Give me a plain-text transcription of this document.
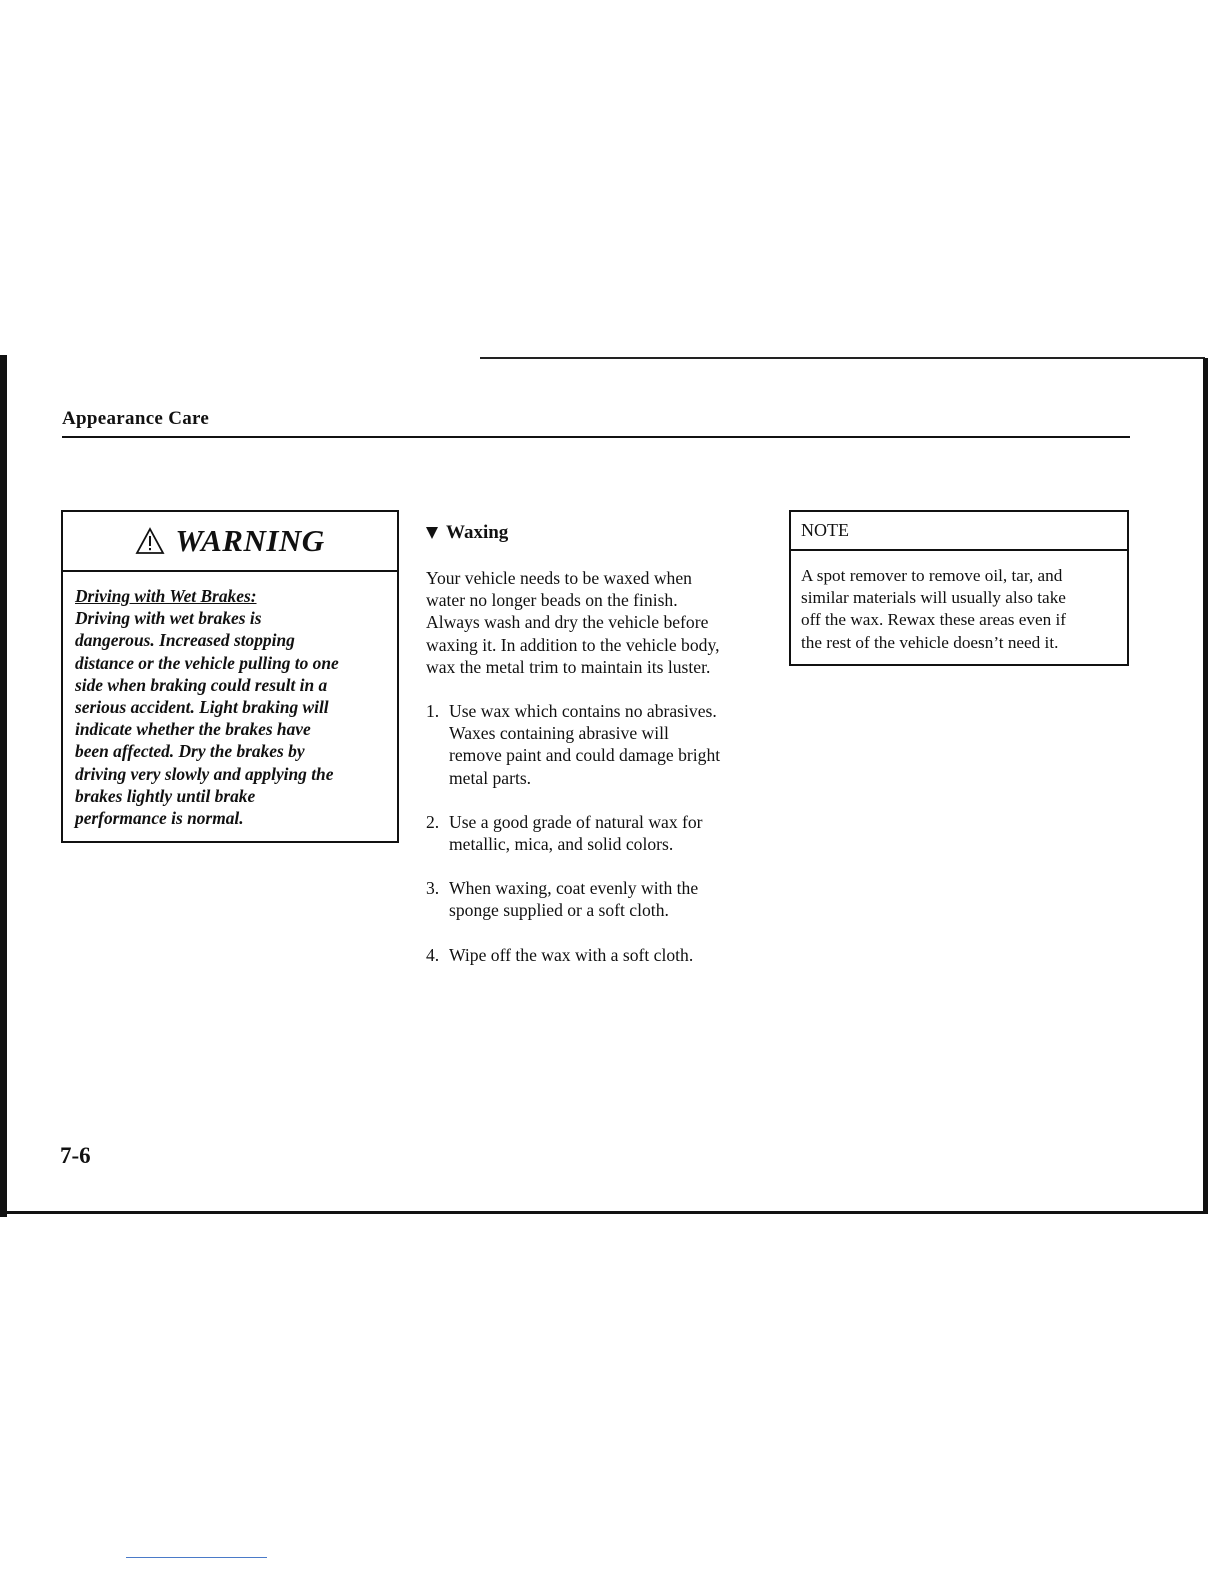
Appearance Care
WARNING
Driving with Wet Brakes:
Driving with wet brakes is
dangerous. Increased stopping
distance or the vehicle pulling to one
side when braking could result in a
serious accident. Light braking will
indicate whether the brakes have
been affected. Dry the brakes by
driving very slowly and applying the
brakes lightly until brake
performance is normal.
Waxing
Your vehicle needs to be waxed when
water no longer beads on the finish.
Always wash and dry the vehicle before
waxing it. In addition to the vehicle body,
wax the metal trim to maintain its luster.
1. Use wax which contains no abrasives.
Waxes containing abrasive will
remove paint and could damage bright
metal parts.
2. Use a good grade of natural wax for
metallic, mica, and solid colors.
3. When waxing, coat evenly with the
sponge supplied or a soft cloth.
4. Wipe off the wax with a soft cloth.
NOTE
A spot remover to remove oil, tar, and
similar materials will usually also take
off the wax. Rewax these areas even if
the rest of the vehicle doesn’t need it.
7-6
